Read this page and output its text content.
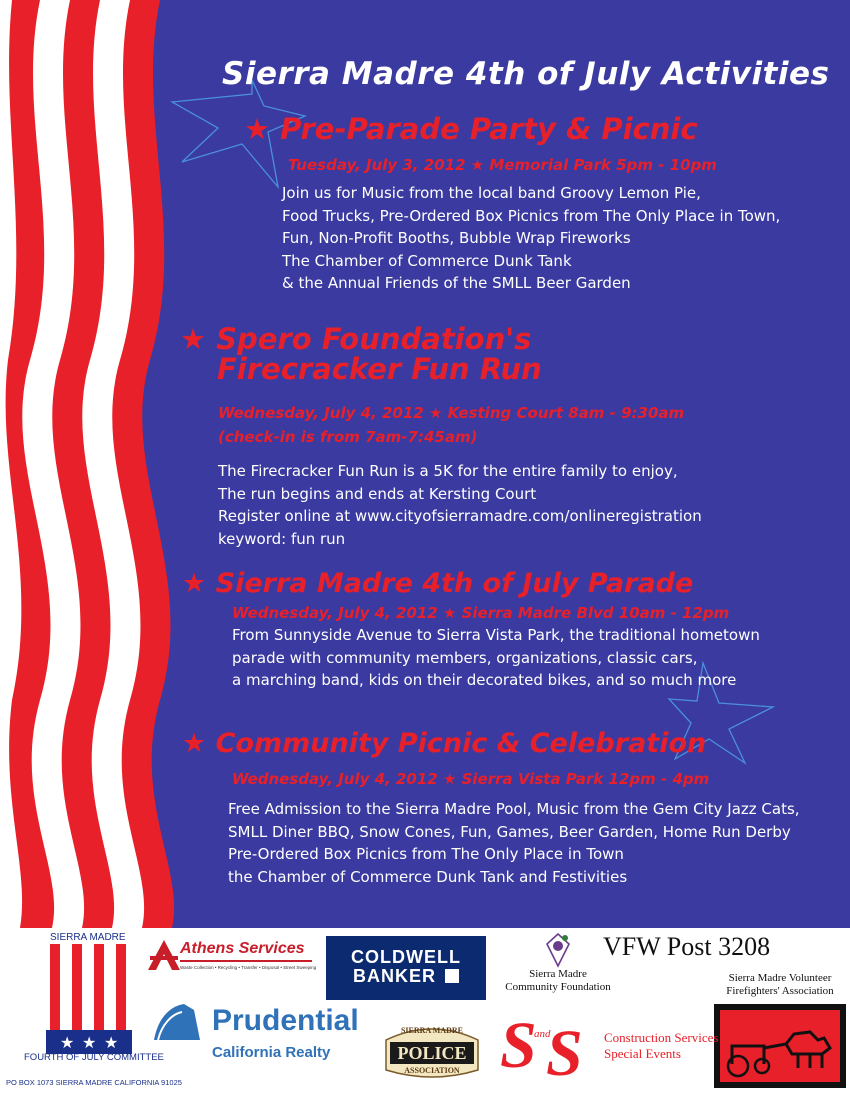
Sierra Madre 4th of July Activities
★ Pre-Parade Party & Picnic
Tuesday, July 3, 2012 ★ Memorial Park 5pm - 10pm
Join us for Music from the local band Groovy Lemon Pie,
Food Trucks, Pre-Ordered Box Picnics from The Only Place in Town,
Fun, Non-Profit Booths, Bubble Wrap Fireworks
The Chamber of Commerce Dunk Tank
& the Annual Friends of the SMLL Beer Garden
★ Spero Foundation's
Firecracker Fun Run
Wednesday, July 4, 2012 ★ Kesting Court 8am - 9:30am
(check-in is from 7am-7:45am)
The Firecracker Fun Run is a 5K for the entire family to enjoy,
The run begins and ends at Kersting Court
Register online at www.cityofsierramadre.com/onlineregistration
keyword: fun run
★ Sierra Madre 4th of July Parade
Wednesday, July 4, 2012 ★ Sierra Madre Blvd 10am - 12pm
From Sunnyside Avenue to Sierra Vista Park, the traditional hometown
parade with community members, organizations, classic cars,
a marching band, kids on their decorated bikes, and so much more
★ Community Picnic & Celebration
Wednesday, July 4, 2012 ★ Sierra Vista Park 12pm - 4pm
Free Admission to the Sierra Madre Pool, Music from the Gem City Jazz Cats,
SMLL Diner BBQ, Snow Cones, Fun, Games, Beer Garden, Home Run Derby
Pre-Ordered Box Picnics from The Only Place in Town
the Chamber of Commerce Dunk Tank and Festivities
SIERRA MADRE
★ ★ ★
FOURTH OF JULY COMMITTEE
PO BOX 1073 SIERRA MADRE CALIFORNIA 91025
Athens Services
Waste Collection • Recycling • Transfer • Disposal • Street Sweeping
COLDWELL
BANKER	Sierra Madre
Community Foundation
VFW Post 3208
Sierra Madre Volunteer
Firefighters' Association
Prudential
California Realty
SIERRA MADRE
POLICE
ASSOCIATION S
and
S Construction Services
Special Events
